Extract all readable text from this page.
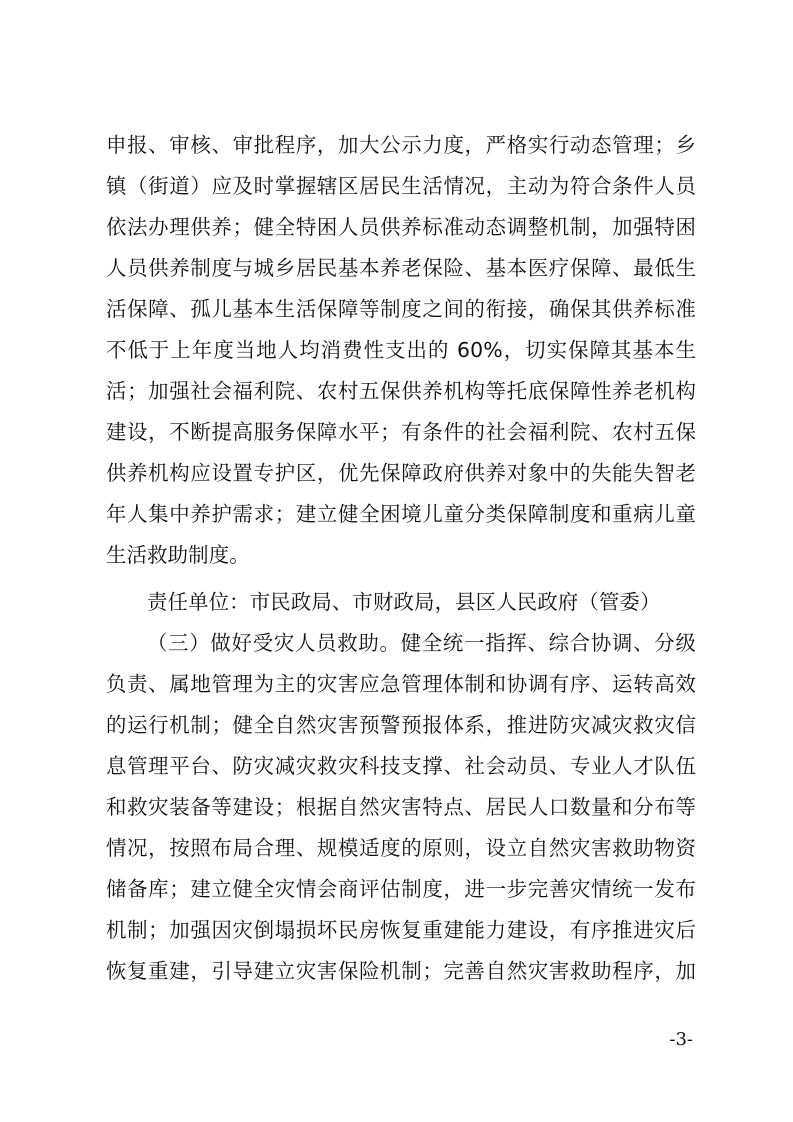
申报、审核、审批程序，加大公示力度，严格实行动态管理；乡
镇（街道）应及时掌握辖区居民生活情况，主动为符合条件人员
依法办理供养；健全特困人员供养标准动态调整机制，加强特困
人员供养制度与城乡居民基本养老保险、基本医疗保障、最低生
活保障、孤儿基本生活保障等制度之间的衔接，确保其供养标准
不低于上年度当地人均消费性支出的 60%，切实保障其基本生
活；加强社会福利院、农村五保供养机构等托底保障性养老机构
建设，不断提高服务保障水平；有条件的社会福利院、农村五保
供养机构应设置专护区，优先保障政府供养对象中的失能失智老
年人集中养护需求；建立健全困境儿童分类保障制度和重病儿童
生活救助制度。
责任单位：市民政局、市财政局，县区人民政府（管委）
（三）做好受灾人员救助。健全统一指挥、综合协调、分级
负责、属地管理为主的灾害应急管理体制和协调有序、运转高效
的运行机制；健全自然灾害预警预报体系，推进防灾减灾救灾信
息管理平台、防灾减灾救灾科技支撑、社会动员、专业人才队伍
和救灾装备等建设；根据自然灾害特点、居民人口数量和分布等
情况，按照布局合理、规模适度的原则，设立自然灾害救助物资
储备库；建立健全灾情会商评估制度，进一步完善灾情统一发布
机制；加强因灾倒塌损坏民房恢复重建能力建设，有序推进灾后
恢复重建，引导建立灾害保险机制；完善自然灾害救助程序，加
-3-
